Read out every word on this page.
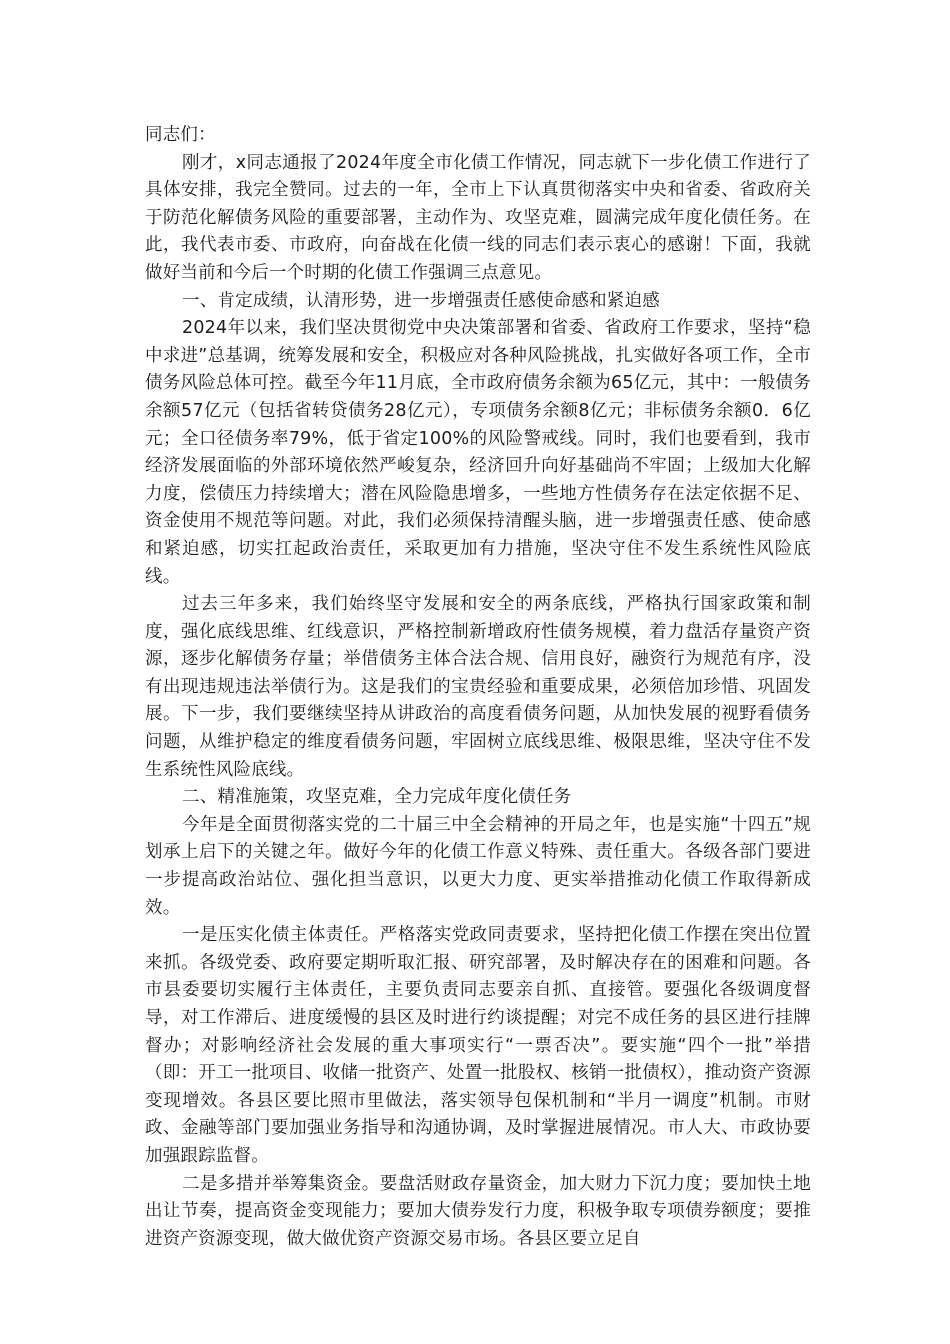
同志们：

刚才，x同志通报了2024年度全市化债工作情况，同志就下一步化债工作进行了具体安排，我完全赞同。过去的一年，全市上下认真贯彻落实中央和省委、省政府关于防范化解债务风险的重要部署，主动作为、攻坚克难，圆满完成年度化债任务。在此，我代表市委、市政府，向奋战在化债一线的同志们表示衷心的感谢！下面，我就做好当前和今后一个时期的化债工作强调三点意见。

一、肯定成绩，认清形势，进一步增强责任感使命感和紧迫感

2024年以来，我们坚决贯彻党中央决策部署和省委、省政府工作要求，坚持“稳中求进”总基调，统筹发展和安全，积极应对各种风险挑战，扎实做好各项工作，全市债务风险总体可控。截至今年11月底，全市政府债务余额为65亿元，其中：一般债务余额57亿元（包括省转贷债务28亿元），专项债务余额8亿元；非标债务余额0．6亿元；全口径债务率79%，低于省定100%的风险警戒线。同时，我们也要看到，我市经济发展面临的外部环境依然严峻复杂，经济回升向好基础尚不牢固；上级加大化解力度，偿债压力持续增大；潜在风险隐患增多，一些地方性债务存在法定依据不足、资金使用不规范等问题。对此，我们必须保持清醒头脑，进一步增强责任感、使命感和紧迫感，切实扛起政治责任，采取更加有力措施，坚决守住不发生系统性风险底线。

过去三年多来，我们始终坚守发展和安全的两条底线，严格执行国家政策和制度，强化底线思维、红线意识，严格控制新增政府性债务规模，着力盘活存量资产资源，逐步化解债务存量；举借债务主体合法合规、信用良好，融资行为规范有序，没有出现违规违法举债行为。这是我们的宝贵经验和重要成果，必须倍加珍惜、巩固发展。下一步，我们要继续坚持从讲政治的高度看债务问题，从加快发展的视野看债务问题，从维护稳定的维度看债务问题，牢固树立底线思维、极限思维，坚决守住不发生系统性风险底线。

二、精准施策，攻坚克难，全力完成年度化债任务

今年是全面贯彻落实党的二十届三中全会精神的开局之年，也是实施“十四五”规划承上启下的关键之年。做好今年的化债工作意义特殊、责任重大。各级各部门要进一步提高政治站位、强化担当意识，以更大力度、更实举措推动化债工作取得新成效。

一是压实化债主体责任。严格落实党政同责要求，坚持把化债工作摆在突出位置来抓。各级党委、政府要定期听取汇报、研究部署，及时解决存在的困难和问题。各市县委要切实履行主体责任，主要负责同志要亲自抓、直接管。要强化各级调度督导，对工作滞后、进度缓慢的县区及时进行约谈提醒；对完不成任务的县区进行挂牌督办；对影响经济社会发展的重大事项实行“一票否决”。要实施“四个一批”举措（即：开工一批项目、收储一批资产、处置一批股权、核销一批债权），推动资产资源变现增效。各县区要比照市里做法，落实领导包保机制和“半月一调度”机制。市财政、金融等部门要加强业务指导和沟通协调，及时掌握进展情况。市人大、市政协要加强跟踪监督。

二是多措并举筹集资金。要盘活财政存量资金，加大财力下沉力度；要加快土地出让节奏，提高资金变现能力；要加大债券发行力度，积极争取专项债券额度；要推进资产资源变现，做大做优资产资源交易市场。各县区要立足自
